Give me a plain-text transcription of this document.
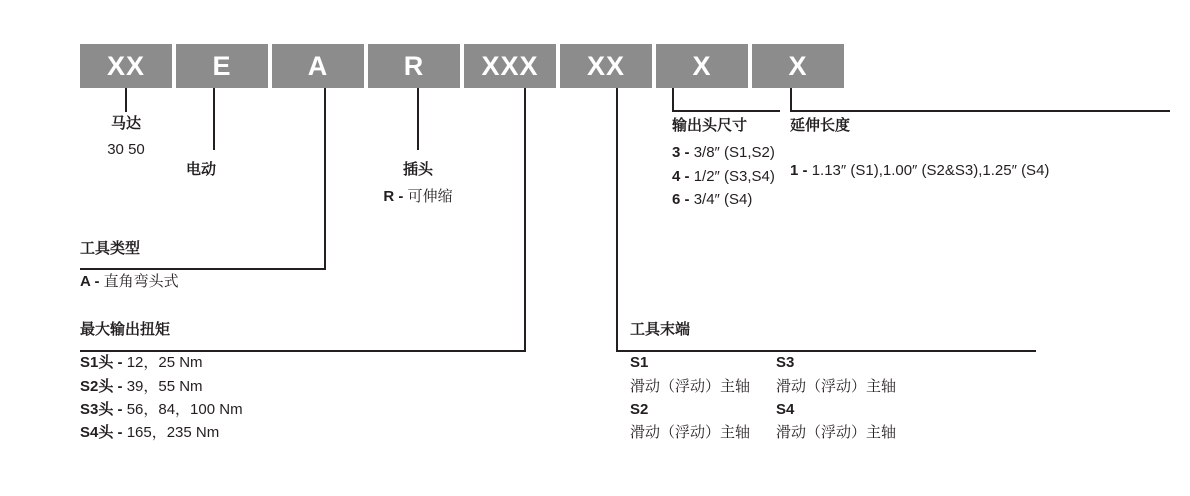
XX	E	A	R	XXX	XX	X	X
马达
30 50
电动	插头
R - 可伸缩
工具类型
A - 直角弯头式
最大输出扭矩
S1头 - 12，25 Nm
S2头 - 39，55 Nm
S3头 - 56，84，100 Nm
S4头 - 165，235 Nm
输出头尺寸
3 - 3/8″ (S1,S2)
4 - 1/2″ (S3,S4)
6 - 3/4″ (S4)
延伸长度
1 - 1.13″ (S1),1.00″ (S2&S3),1.25″ (S4)
工具末端
S1
滑动（浮动）主轴
S2
滑动（浮动）主轴
S3
滑动（浮动）主轴
S4
滑动（浮动）主轴
